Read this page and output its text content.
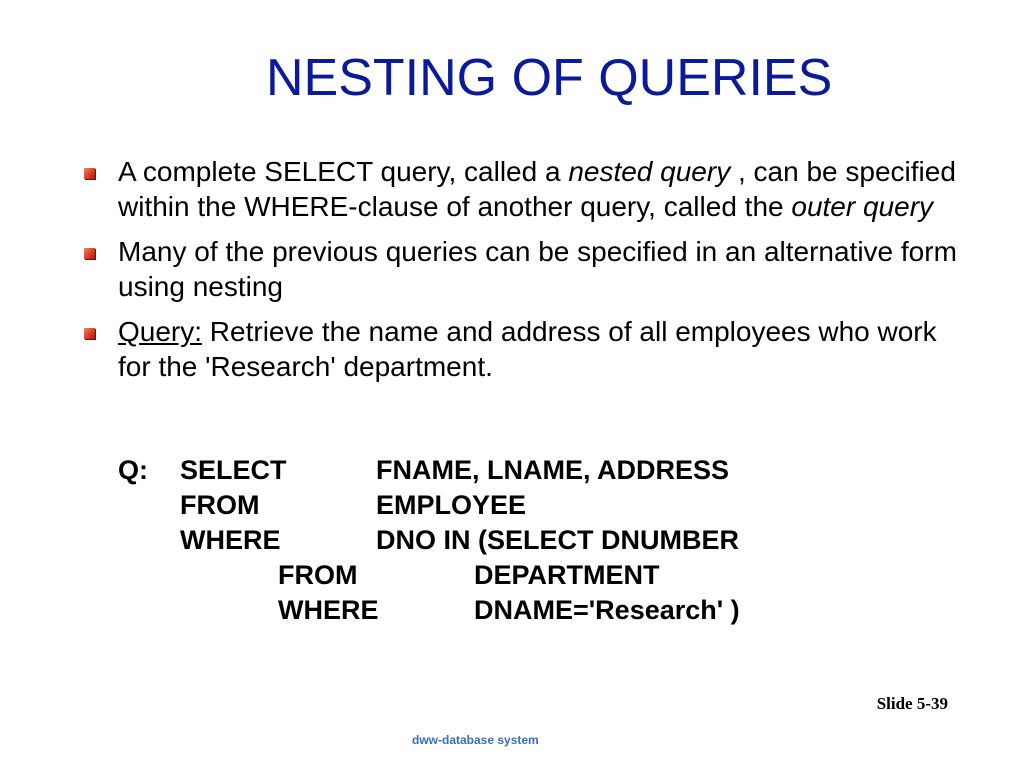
NESTING OF QUERIES
A complete SELECT query, called a nested query , can be specified within the WHERE-clause of another query, called the outer query
Many of the previous queries can be specified in an alternative form using nesting
Query: Retrieve the name and address of all employees who work for the 'Research' department.
Q: SELECT	FNAME, LNAME, ADDRESS
FROM	EMPLOYEE
WHERE	DNO IN (SELECT DNUMBER
FROM	DEPARTMENT
WHERE	DNAME='Research' )
Slide 5-39
dww-database system
